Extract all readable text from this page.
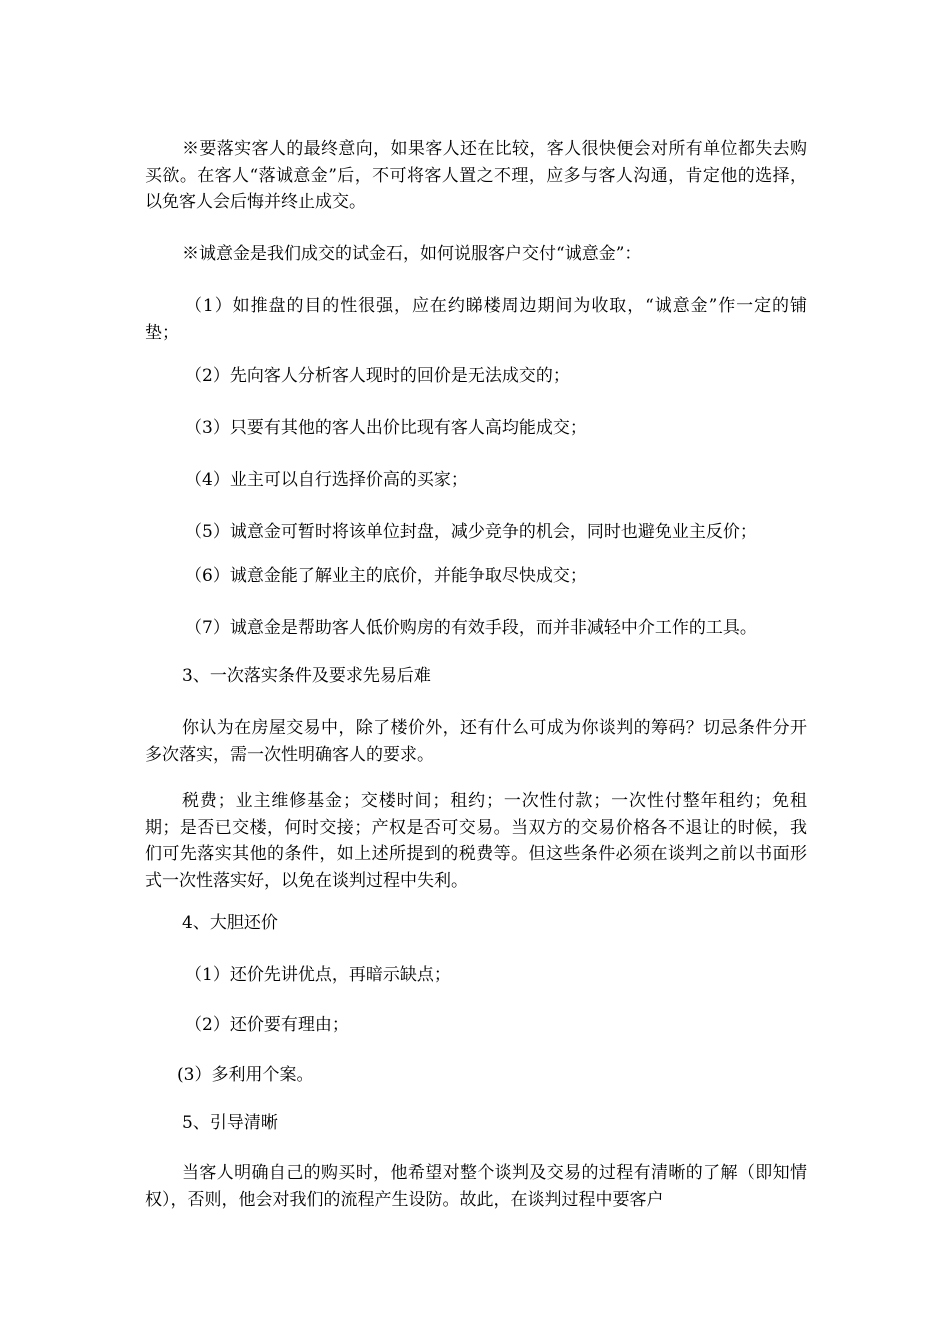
※要落实客人的最终意向，如果客人还在比较，客人很快便会对所有单位都失去购买欲。在客人“落诚意金”后，不可将客人置之不理，应多与客人沟通，肯定他的选择，以免客人会后悔并终止成交。

※诚意金是我们成交的试金石，如何说服客户交付“诚意金”：

（1）如推盘的目的性很强，应在约睇楼周边期间为收取，“诚意金”作一定的铺垫；

（2）先向客人分析客人现时的回价是无法成交的；

（3）只要有其他的客人出价比现有客人高均能成交；

（4）业主可以自行选择价高的买家；

（5）诚意金可暂时将该单位封盘，减少竞争的机会，同时也避免业主反价；

（6）诚意金能了解业主的底价，并能争取尽快成交；

（7）诚意金是帮助客人低价购房的有效手段，而并非减轻中介工作的工具。

3、一次落实条件及要求先易后难

你认为在房屋交易中，除了楼价外，还有什么可成为你谈判的筹码？切忌条件分开多次落实，需一次性明确客人的要求。

税费；业主维修基金；交楼时间；租约；一次性付款；一次性付整年租约；免租期；是否已交楼，何时交接；产权是否可交易。当双方的交易价格各不退让的时候，我们可先落实其他的条件，如上述所提到的税费等。但这些条件必须在谈判之前以书面形式一次性落实好，以免在谈判过程中失利。

4、大胆还价

（1）还价先讲优点，再暗示缺点；

（2）还价要有理由；

(3）多利用个案。

5、引导清晰

当客人明确自己的购买时，他希望对整个谈判及交易的过程有清晰的了解（即知情权），否则，他会对我们的流程产生设防。故此，在谈判过程中要客户
